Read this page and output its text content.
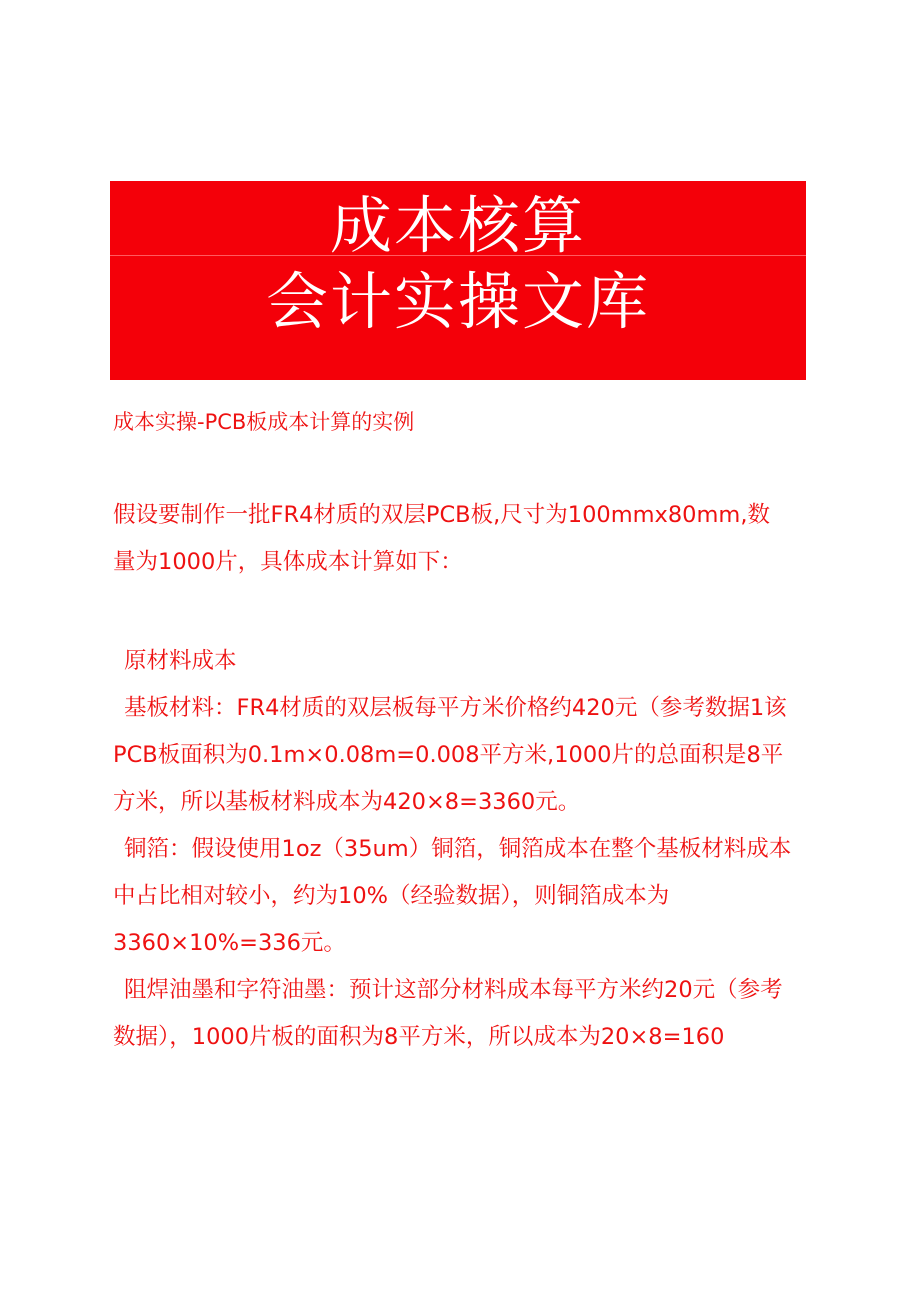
成本核算
会计实操文库
成本实操-PCB板成本计算的实例
假设要制作一批FR4材质的双层PCB板,尺寸为100mmx80mm,数
量为1000片，具体成本计算如下：
原材料成本
基板材料：FR4材质的双层板每平方米价格约420元（参考数据1该
PCB板面积为0.1m×0.08m=0.008平方米,1000片的总面积是8平
方米，所以基板材料成本为420×8=3360元。
铜箔：假设使用1oz（35um）铜箔，铜箔成本在整个基板材料成本
中占比相对较小，约为10%（经验数据），则铜箔成本为
3360×10%=336元。
阻焊油墨和字符油墨：预计这部分材料成本每平方米约20元（参考
数据），1000片板的面积为8平方米，所以成本为20×8=160
